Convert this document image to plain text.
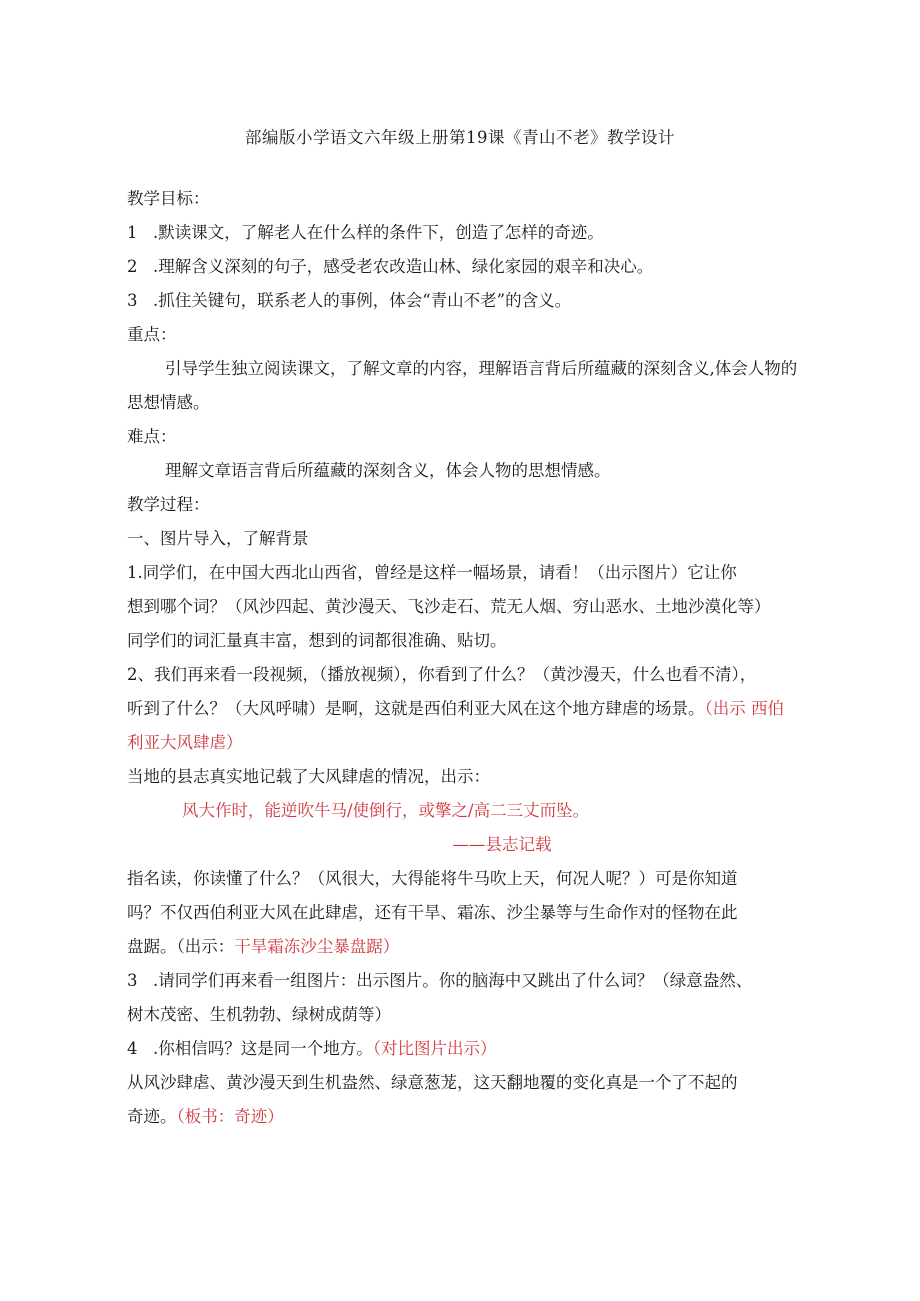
部编版小学语文六年级上册第19课《青山不老》教学设计

教学目标：

1 .默读课文，了解老人在什么样的条件下，创造了怎样的奇迹。

2 .理解含义深刻的句子，感受老农改造山林、绿化家园的艰辛和决心。

3 .抓住关键句，联系老人的事例，体会“青山不老”的含义。

重点：

引导学生独立阅读课文，了解文章的内容，理解语言背后所蕴藏的深刻含义,体会人物的

思想情感。

难点：

理解文章语言背后所蕴藏的深刻含义，体会人物的思想情感。

教学过程：

一、图片导入，了解背景

1.同学们，在中国大西北山西省，曾经是这样一幅场景，请看！（出示图片）它让你

想到哪个词？（风沙四起、黄沙漫天、飞沙走石、荒无人烟、穷山恶水、土地沙漠化等）

同学们的词汇量真丰富，想到的词都很准确、贴切。

2、我们再来看一段视频，（播放视频），你看到了什么？（黄沙漫天，什么也看不清），

听到了什么？（大风呼啸）是啊，这就是西伯利亚大风在这个地方肆虐的场景。（出示 西伯

利亚大风肆虐）

当地的县志真实地记载了大风肆虐的情况，出示：

风大作时，能逆吹牛马/使倒行，或擎之/高二三丈而坠。

——县志记载

指名读，你读懂了什么？（风很大，大得能将牛马吹上天，何况人呢？）可是你知道

吗？不仅西伯利亚大风在此肆虐，还有干旱、霜冻、沙尘暴等与生命作对的怪物在此

盘踞。（出示：干旱霜冻沙尘暴盘踞）

3 .请同学们再来看一组图片：出示图片。你的脑海中又跳出了什么词？（绿意盎然、

树木茂密、生机勃勃、绿树成荫等）

4 .你相信吗？这是同一个地方。（对比图片出示）

从风沙肆虐、黄沙漫天到生机盎然、绿意葱茏，这天翻地覆的变化真是一个了不起的

奇迹。（板书：奇迹）
